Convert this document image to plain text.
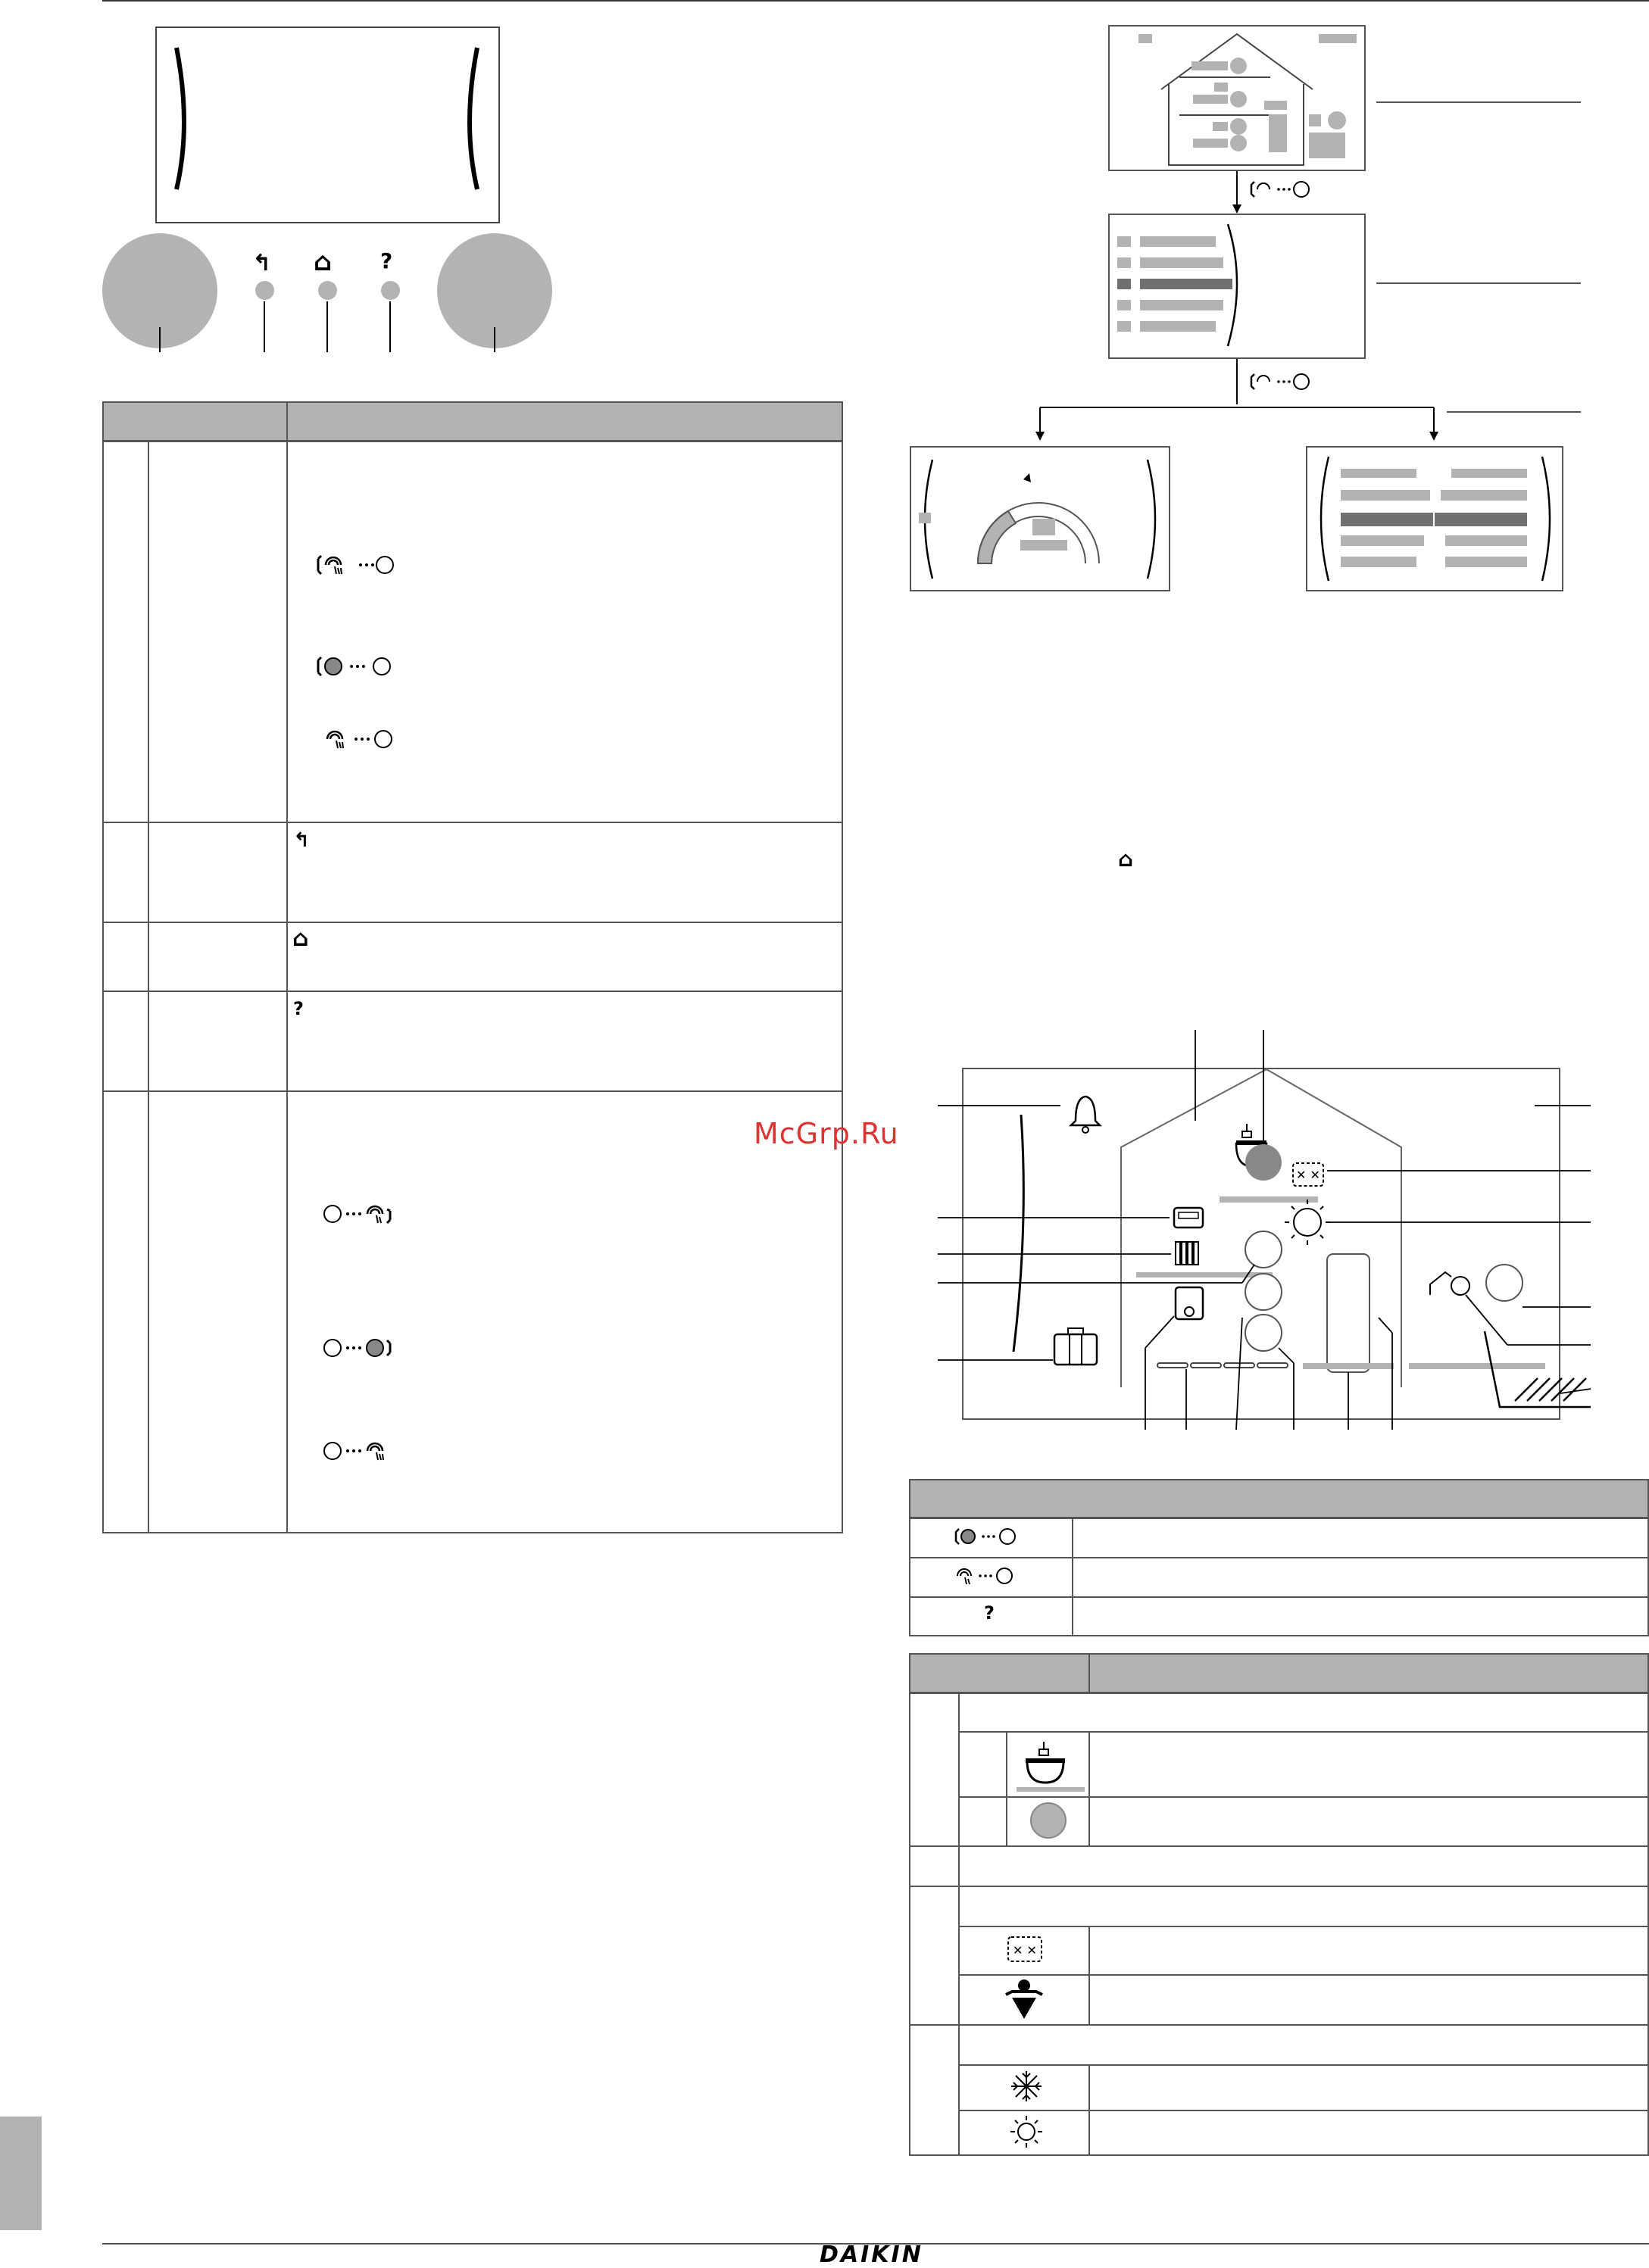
↰ ⌂ ?
↰
⌂
?
⌂
McGrp.Ru
✕ ✕
?
✕ ✕
DAIKIN
